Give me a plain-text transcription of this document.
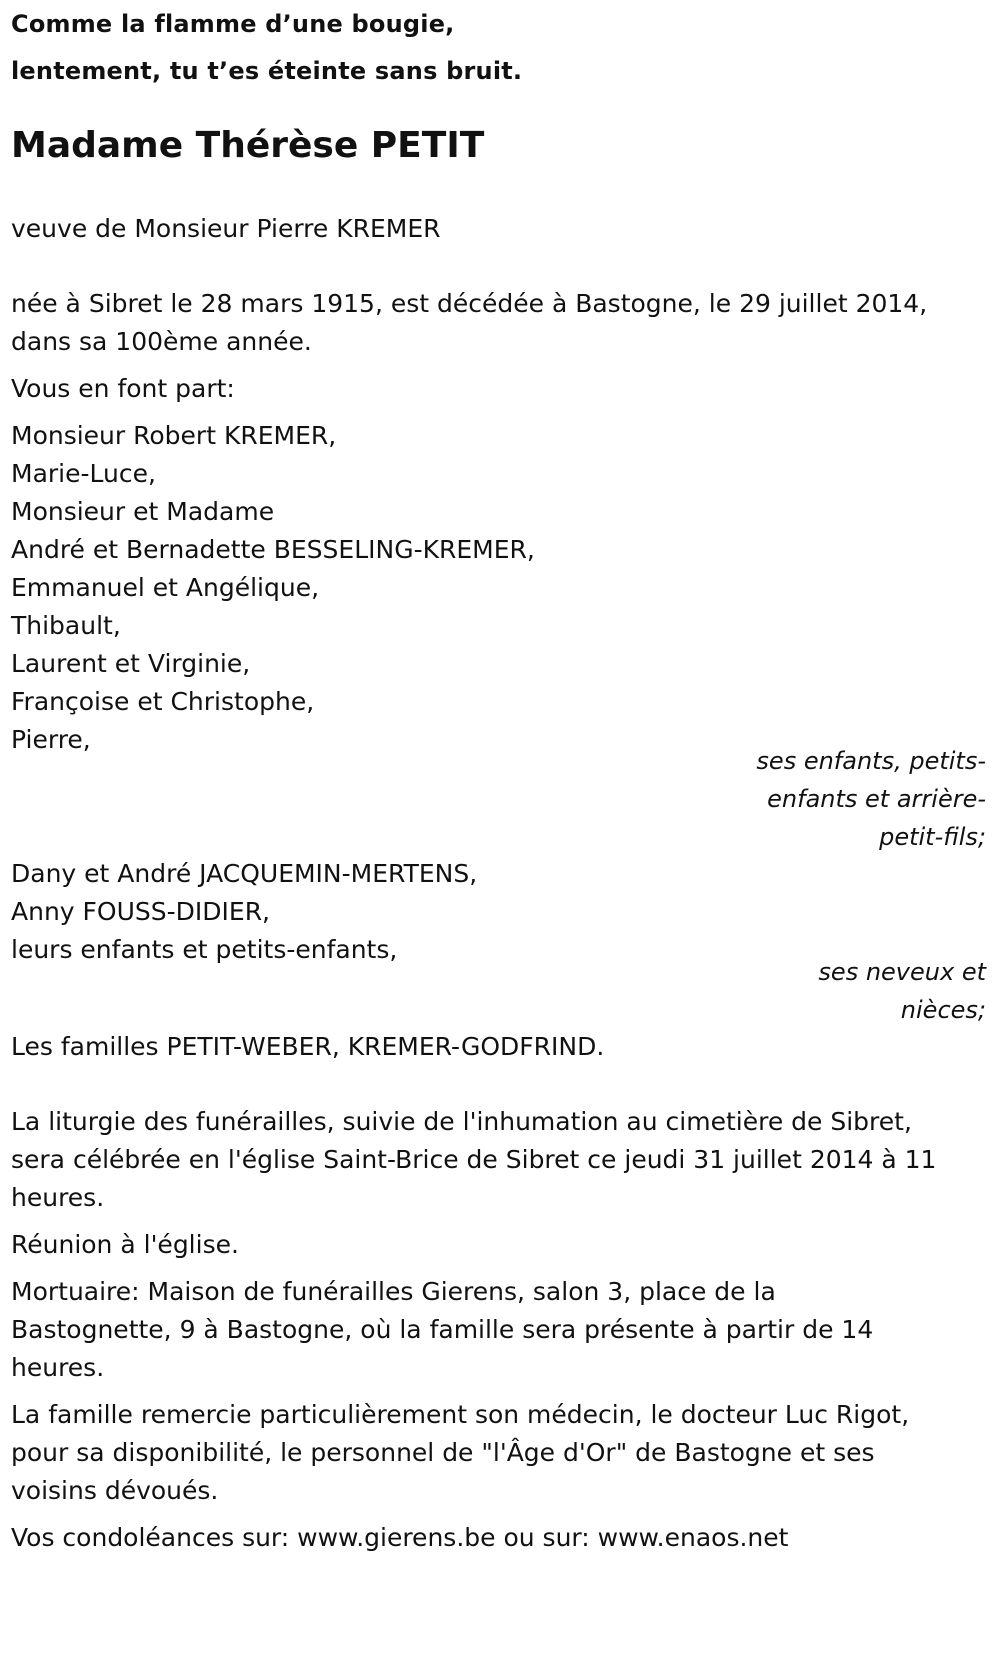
Comme la flamme d’une bougie,
lentement, tu t’es éteinte sans bruit.
Madame Thérèse PETIT
veuve de Monsieur Pierre KREMER
née à Sibret le 28 mars 1915, est décédée à Bastogne, le 29 juillet 2014,
dans sa 100ème année.
Vous en font part:
Monsieur Robert KREMER,
Marie-Luce,
Monsieur et Madame
André et Bernadette BESSELING-KREMER,
Emmanuel et Angélique,
Thibault,
Laurent et Virginie,
Françoise et Christophe,
Pierre,
ses enfants, petits-
enfants et arrière-
petit-fils;
Dany et André JACQUEMIN-MERTENS,
Anny FOUSS-DIDIER,
leurs enfants et petits-enfants,
ses neveux et
nièces;
Les familles PETIT-WEBER, KREMER-GODFRIND.
La liturgie des funérailles, suivie de l'inhumation au cimetière de Sibret,
sera célébrée en l'église Saint-Brice de Sibret ce jeudi 31 juillet 2014 à 11
heures.
Réunion à l'église.
Mortuaire: Maison de funérailles Gierens, salon 3, place de la
Bastognette, 9 à Bastogne, où la famille sera présente à partir de 14
heures.
La famille remercie particulièrement son médecin, le docteur Luc Rigot,
pour sa disponibilité, le personnel de "l'Âge d'Or" de Bastogne et ses
voisins dévoués.
Vos condoléances sur: www.gierens.be ou sur: www.enaos.net
